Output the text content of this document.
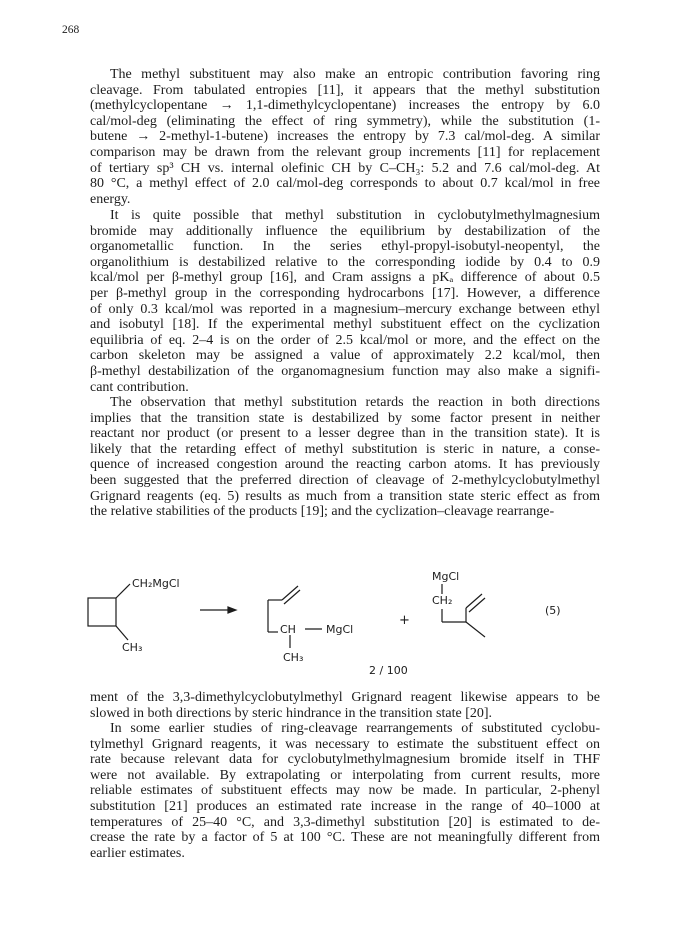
268
The methyl substituent may also make an entropic contribution favoring ring
cleavage. From tabulated entropies [11], it appears that the methyl substitution
(methylcyclopentane → 1,1-dimethylcyclopentane) increases the entropy by 6.0
cal/mol-deg (eliminating the effect of ring symmetry), while the substitution (1-
butene → 2-methyl-1-butene) increases the entropy by 7.3 cal/mol-deg. A similar
comparison may be drawn from the relevant group increments [11] for replacement
of tertiary sp³ CH vs. internal olefinic CH by C–CH₃: 5.2 and 7.6 cal/mol-deg. At
80 °C, a methyl effect of 2.0 cal/mol-deg corresponds to about 0.7 kcal/mol in free
energy.
It is quite possible that methyl substitution in cyclobutylmethylmagnesium
bromide may additionally influence the equilibrium by destabilization of the
organometallic function. In the series ethyl-propyl-isobutyl-neopentyl, the
organolithium is destabilized relative to the corresponding iodide by 0.4 to 0.9
kcal/mol per β-methyl group [16], and Cram assigns a pKₐ difference of about 0.5
per β-methyl group in the corresponding hydrocarbons [17]. However, a difference
of only 0.3 kcal/mol was reported in a magnesium–mercury exchange between ethyl
and isobutyl [18]. If the experimental methyl substituent effect on the cyclization
equilibria of eq. 2–4 is on the order of 2.5 kcal/mol or more, and the effect on the
carbon skeleton may be assigned a value of approximately 2.2 kcal/mol, then
β-methyl destabilization of the organomagnesium function may also make a signifi-
cant contribution.
The observation that methyl substitution retards the reaction in both directions
implies that the transition state is destabilized by some factor present in neither
reactant nor product (or present to a lesser degree than in the transition state). It is
likely that the retarding effect of methyl substitution is steric in nature, a conse-
quence of increased congestion around the reacting carbon atoms. It has previously
been suggested that the preferred direction of cleavage of 2-methylcyclobutylmethyl
Grignard reagents (eq. 5) results as much from a transition state steric effect as from
the relative stabilities of the products [19]; and the cyclization–cleavage rearrange-
CH₂MgCl
CH₃
CH	MgCl
CH₃
+
MgCl
CH₂
(5)
2 / 100
ment of the 3,3-dimethylcyclobutylmethyl Grignard reagent likewise appears to be
slowed in both directions by steric hindrance in the transition state [20].
In some earlier studies of ring-cleavage rearrangements of substituted cyclobu-
tylmethyl Grignard reagents, it was necessary to estimate the substituent effect on
rate because relevant data for cyclobutylmethylmagnesium bromide itself in THF
were not available. By extrapolating or interpolating from current results, more
reliable estimates of substituent effects may now be made. In particular, 2-phenyl
substitution [21] produces an estimated rate increase in the range of 40–1000 at
temperatures of 25–40 °C, and 3,3-dimethyl substitution [20] is estimated to de-
crease the rate by a factor of 5 at 100 °C. These are not meaningfully different from
earlier estimates.
